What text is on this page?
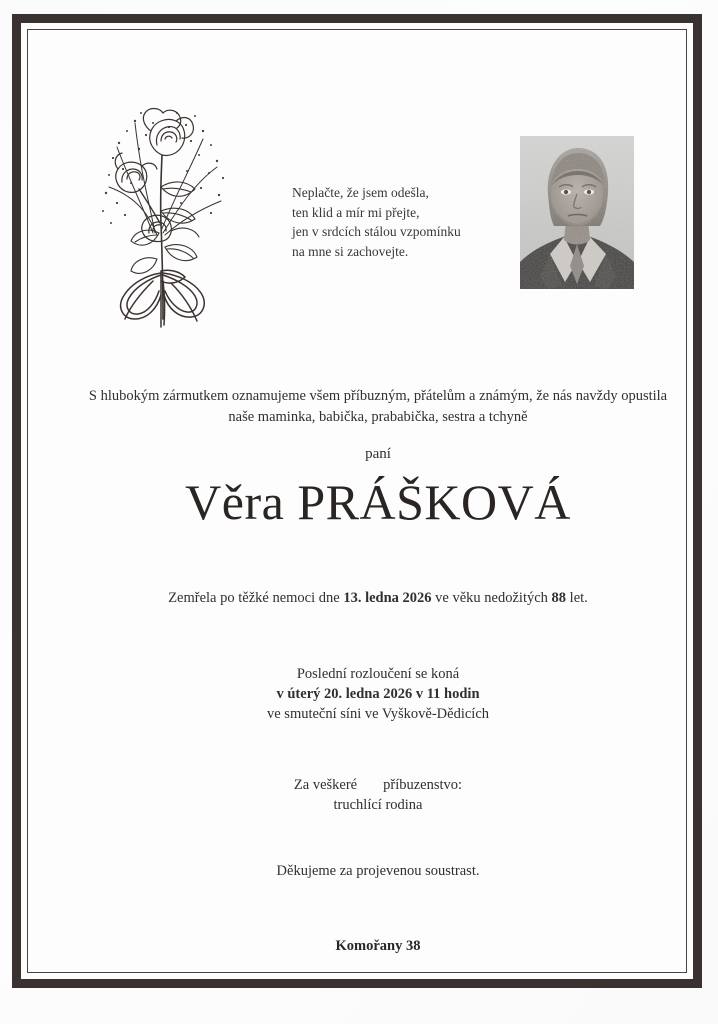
Neplačte, že jsem odešla,
ten klid a mír mi přejte,
jen v srdcích stálou vzpomínku
na mne si zachovejte.
S hlubokým zármutkem oznamujeme všem příbuzným, přátelům a známým, že nás navždy opustila
naše maminka, babička, prababička, sestra a tchyně
paní
Věra PRÁŠKOVÁ
Zemřela po těžké nemoci dne 13. ledna 2026 ve věku nedožitých 88 let.
Poslední rozloučení se koná
v úterý 20. ledna 2026 v 11 hodin
ve smuteční síni ve Vyškově-Dědicích
Za veškeré příbuzenstvo:
truchlící rodina
Děkujeme za projevenou soustrast.
Komořany 38
